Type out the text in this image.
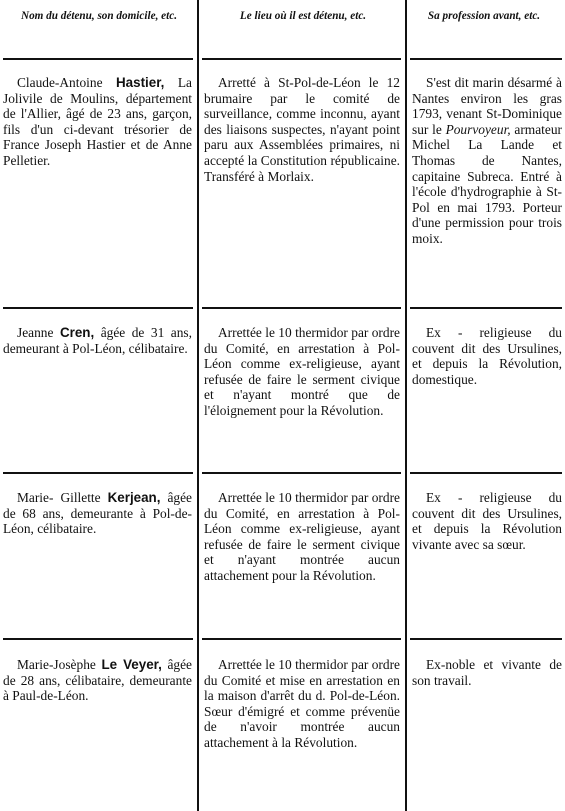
Nom du détenu, son domicile, etc.	Le lieu où il est détenu, etc.	Sa profession avant, etc.
Claude-Antoine Hastier, La Jolivile de Moulins, département de l'Allier, âgé de 23 ans, garçon, fils d'un ci-devant trésorier de France Joseph Hastier et de Anne Pelletier.
Arretté à St-Pol-de-Léon le 12 brumaire par le comité de surveillance, comme inconnu, ayant des liaisons suspectes, n'ayant point paru aux Assemblées primaires, ni accepté la Constitution républicaine. Transféré à Morlaix.
S'est dit marin désarmé à Nantes environ les gras 1793, venant St-Dominique sur le Pourvoyeur, armateur Michel La Lande et Thomas de Nantes, capitaine Subreca. Entré à l'école d'hydrographie à St-Pol en mai 1793. Porteur d'une permission pour trois moix.
Jeanne Cren, âgée de 31 ans, demeurant à Pol-Léon, célibataire.
Arrettée le 10 thermidor par ordre du Comité, en arrestation à Pol-Léon comme ex-religieuse, ayant refusée de faire le serment civique et n'ayant montré que de l'éloignement pour la Révolution.
Ex - religieuse du couvent dit des Ursulines, et depuis la Révolution, domestique.
Marie- Gillette Kerjean, âgée de 68 ans, demeurante à Pol-de-Léon, célibataire.
Arrettée le 10 thermidor par ordre du Comité, en arrestation à Pol-Léon comme ex-religieuse, ayant refusée de faire le serment civique et n'ayant montrée aucun attachement pour la Révolution.
Ex - religieuse du couvent dit des Ursulines, et depuis la Révolution vivante avec sa sœur.
Marie-Josèphe Le Veyer, âgée de 28 ans, célibataire, demeurante à Paul-de-Léon.
Arrettée le 10 thermidor par ordre du Comité et mise en arrestation en la maison d'arrêt du d. Pol-de-Léon. Sœur d'émigré et comme prévenüe de n'avoir montrée aucun attachement à la Révolution.
Ex-noble et vivante de son travail.
